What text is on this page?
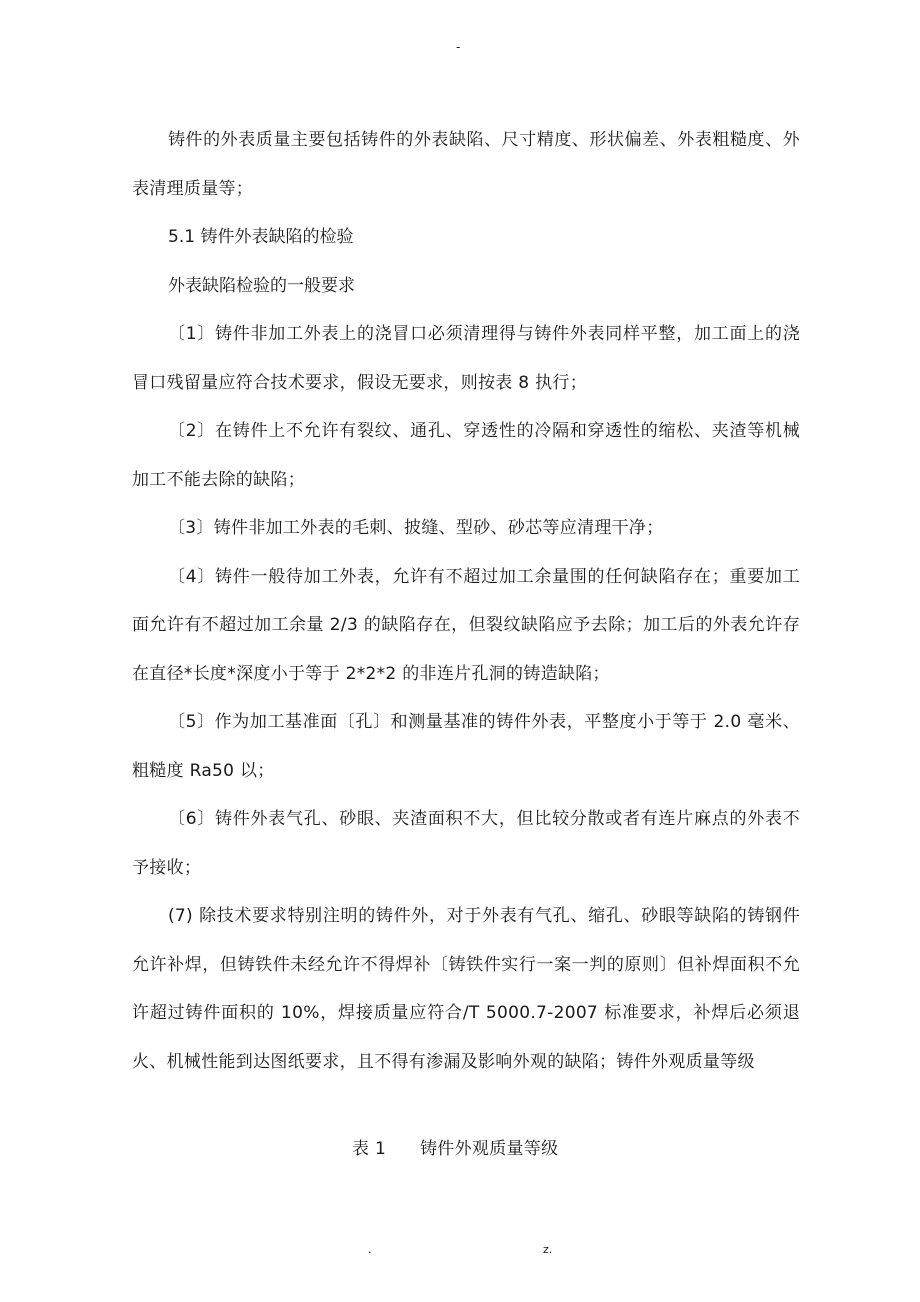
-

铸件的外表质量主要包括铸件的外表缺陷、尺寸精度、形状偏差、外表粗糙度、外表清理质量等；

5.1 铸件外表缺陷的检验

外表缺陷检验的一般要求

〔1〕铸件非加工外表上的浇冒口必须清理得与铸件外表同样平整，加工面上的浇冒口残留量应符合技术要求，假设无要求，则按表 8 执行；

〔2〕在铸件上不允许有裂纹、通孔、穿透性的冷隔和穿透性的缩松、夹渣等机械加工不能去除的缺陷；

〔3〕铸件非加工外表的毛刺、披缝、型砂、砂芯等应清理干净；

〔4〕铸件一般待加工外表，允许有不超过加工余量围的任何缺陷存在；重要加工面允许有不超过加工余量 2/3 的缺陷存在，但裂纹缺陷应予去除；加工后的外表允许存在直径*长度*深度小于等于 2*2*2 的非连片孔洞的铸造缺陷；

〔5〕作为加工基准面〔孔〕和测量基准的铸件外表，平整度小于等于 2.0 毫米、粗糙度 Ra50 以；

〔6〕铸件外表气孔、砂眼、夹渣面积不大，但比较分散或者有连片麻点的外表不予接收；

(7) 除技术要求特别注明的铸件外，对于外表有气孔、缩孔、砂眼等缺陷的铸钢件允许补焊，但铸铁件未经允许不得焊补〔铸铁件实行一案一判的原则〕但补焊面积不允许超过铸件面积的 10%，焊接质量应符合/T 5000.7-2007 标准要求，补焊后必须退火、机械性能到达图纸要求，且不得有渗漏及影响外观的缺陷；铸件外观质量等级

表 1 铸件外观质量等级
.	z.
